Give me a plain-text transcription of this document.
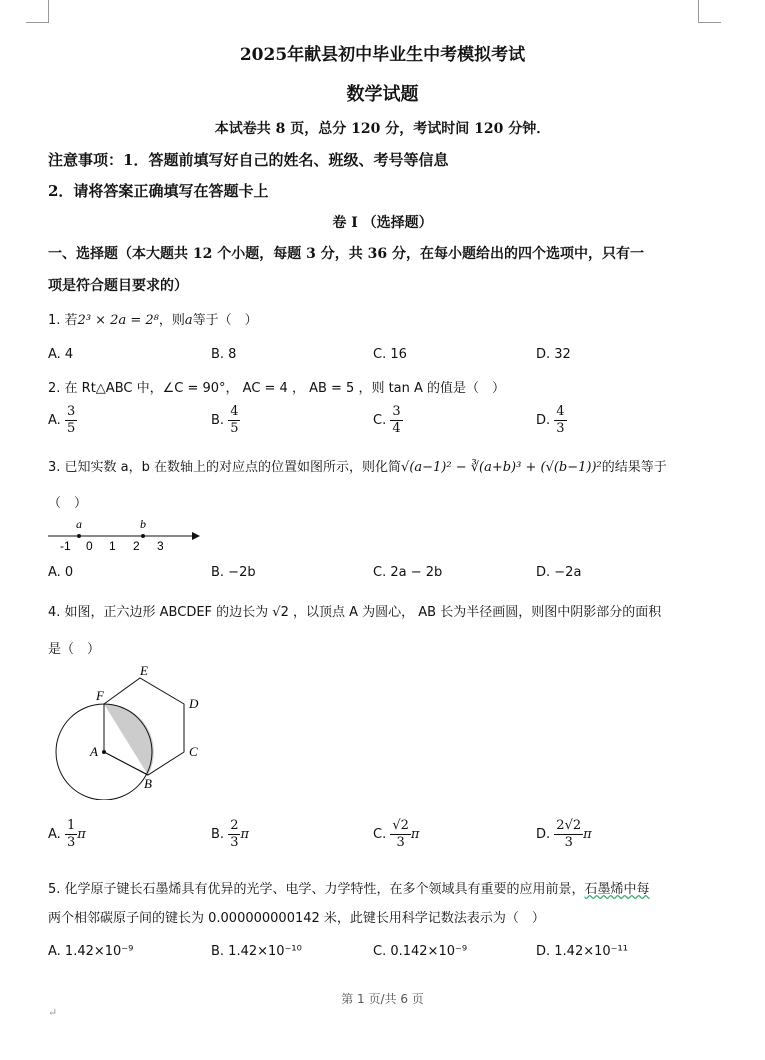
2025年献县初中毕业生中考模拟考试
数学试题
本试卷共 8 页，总分 120 分，考试时间 120 分钟．
注意事项：1．答题前填写好自己的姓名、班级、考号等信息
2．请将答案正确填写在答题卡上
卷 I （选择题）
一、选择题（本大题共 12 个小题，每题 3 分，共 36 分，在每小题给出的四个选项中，只有一
项是符合题目要求的）
1. 若2³ × 2a = 2⁸，则a等于（　）
A. 4	B. 8	C. 16	D. 32
2. 在 Rt△ABC 中，∠C = 90°， AC = 4 ， AB = 5 ，则 tan A 的值是（　）
A. $\frac{3}{5}$	B. $\frac{4}{5}$	C. $\frac{3}{4}$	D. $\frac{4}{3}$
3. 已知实数 a，b 在数轴上的对应点的位置如图所示，则化简√(a−1)² − ∛(a+b)³ + (√(b−1))²的结果等于
（　）
a	b
-1 0 1 2 3
A. 0	B. −2b	C. 2a − 2b	D. −2a
4. 如图，正六边形 ABCDEF 的边长为 √2 ，以顶点 A 为圆心， AB 长为半径画圆，则图中阴影部分的面积
是（　）
F
E
D
C
B
A
A. $\frac{1}{3}$ π	B. $\frac{2}{3}$ π	C. $\frac{√2}{3}$ π	D. $\frac{2√2}{3}$ π
5. 化学原子键长石墨烯具有优异的光学、电学、力学特性，在多个领域具有重要的应用前景，石墨烯中每
两个相邻碳原子间的键长为 0.000000000142 米，此键长用科学记数法表示为（　）
A. 1.42×10⁻⁹	B. 1.42×10⁻¹⁰	C. 0.142×10⁻⁹	D. 1.42×10⁻¹¹
第 1 页/共 6 页
↵
